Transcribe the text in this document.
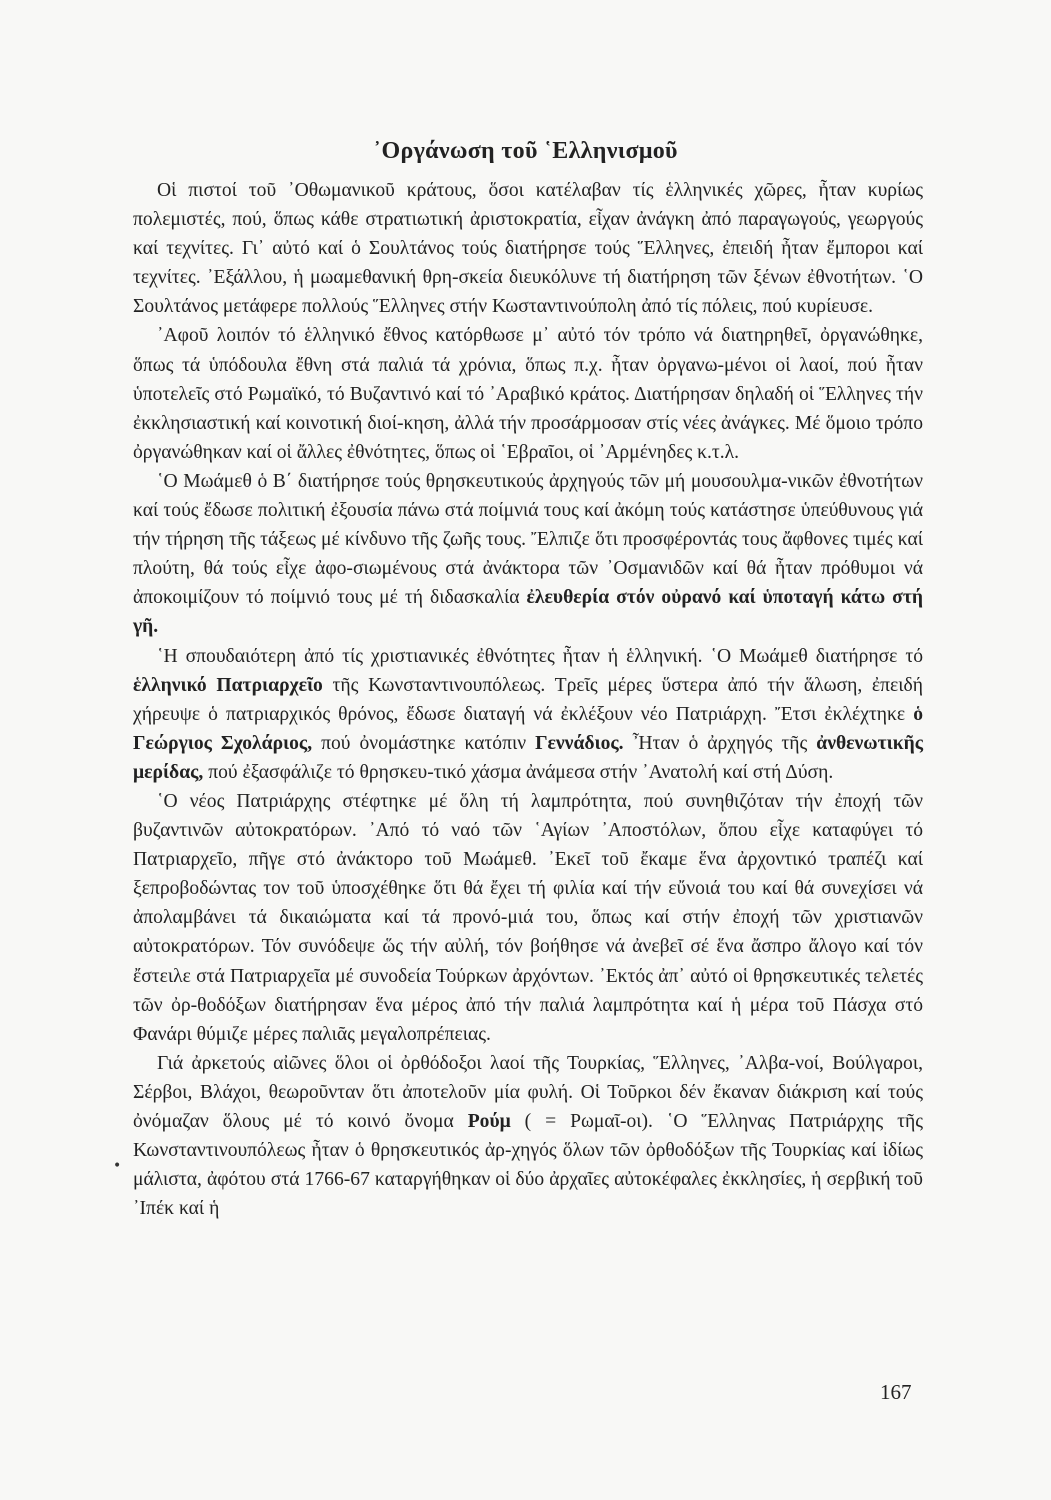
᾿Οργάνωση τοῦ ῾Ελληνισμοῦ

Οἱ πιστοί τοῦ ᾿Οθωμανικοῦ κράτους, ὅσοι κατέλαβαν τίς ἑλληνικές χῶρες, ἦταν κυρίως πολεμιστές, πού, ὅπως κάθε στρατιωτική ἀριστοκρατία, εἶχαν ἀνάγκη ἀπό παραγωγούς, γεωργούς καί τεχνίτες. Γι᾿ αὐτό καί ὁ Σουλτάνος τούς διατήρησε τούς Ἕλληνες, ἐπειδή ἦταν ἔμποροι καί τεχνίτες. ᾿Εξάλλου, ἡ μωαμεθανική θρη-σκεία διευκόλυνε τή διατήρηση τῶν ξένων ἐθνοτήτων. ῾Ο Σουλτάνος μετάφερε πολλούς Ἕλληνες στήν Κωσταντινούπολη ἀπό τίς πόλεις, πού κυρίευσε.

᾿Αφοῦ λοιπόν τό ἑλληνικό ἔθνος κατόρθωσε μ᾿ αὐτό τόν τρόπο νά διατηρηθεῖ, ὀργανώθηκε, ὅπως τά ὑπόδουλα ἔθνη στά παλιά τά χρόνια, ὅπως π.χ. ἦταν ὀργανω-μένοι οἱ λαοί, πού ἦταν ὑποτελεῖς στό Ρωμαϊκό, τό Βυζαντινό καί τό ᾿Αραβικό κράτος. Διατήρησαν δηλαδή οἱ Ἕλληνες τήν ἐκκλησιαστική καί κοινοτική διοί-κηση, ἀλλά τήν προσάρμοσαν στίς νέες ἀνάγκες. Μέ ὅμοιο τρόπο ὀργανώθηκαν καί οἱ ἄλλες ἐθνότητες, ὅπως οἱ ῾Εβραῖοι, οἱ ᾿Αρμένηδες κ.τ.λ.

῾Ο Μωάμεθ ὁ Β΄ διατήρησε τούς θρησκευτικούς ἀρχηγούς τῶν μή μουσουλμα-νικῶν ἐθνοτήτων καί τούς ἔδωσε πολιτική ἐξουσία πάνω στά ποίμνιά τους καί ἀκόμη τούς κατάστησε ὑπεύθυνους γιά τήν τήρηση τῆς τάξεως μέ κίνδυνο τῆς ζωῆς τους. Ἔλπιζε ὅτι προσφέροντάς τους ἄφθονες τιμές καί πλούτη, θά τούς εἶχε ἀφο-σιωμένους στά ἀνάκτορα τῶν ᾿Οσμανιδῶν καί θά ἦταν πρόθυμοι νά ἀποκοιμίζουν τό ποίμνιό τους μέ τή διδασκαλία ἐλευθερία στόν οὐρανό καί ὑποταγή κάτω στή γῆ.

῾Η σπουδαιότερη ἀπό τίς χριστιανικές ἐθνότητες ἦταν ἡ ἑλληνική. ῾Ο Μωάμεθ διατήρησε τό ἑλληνικό Πατριαρχεῖο τῆς Κωνσταντινουπόλεως. Τρεῖς μέρες ὕστερα ἀπό τήν ἅλωση, ἐπειδή χήρευψε ὁ πατριαρχικός θρόνος, ἔδωσε διαταγή νά ἐκλέξουν νέο Πατριάρχη. Ἔτσι ἐκλέχτηκε ὁ Γεώργιος Σχολάριος, πού ὀνομάστηκε κατόπιν Γεννάδιος. Ἦταν ὁ ἀρχηγός τῆς ἀνθενωτικῆς μερίδας, πού ἐξασφάλιζε τό θρησκευ-τικό χάσμα ἀνάμεσα στήν ᾿Ανατολή καί στή Δύση.

῾Ο νέος Πατριάρχης στέφτηκε μέ ὅλη τή λαμπρότητα, πού συνηθιζόταν τήν ἐποχή τῶν βυζαντινῶν αὐτοκρατόρων. ᾿Από τό ναό τῶν ῾Αγίων ᾿Αποστόλων, ὅπου εἶχε καταφύγει τό Πατριαρχεῖο, πῆγε στό ἀνάκτορο τοῦ Μωάμεθ. ᾿Εκεῖ τοῦ ἔκαμε ἕνα ἀρχοντικό τραπέζι καί ξεπροβοδώντας τον τοῦ ὑποσχέθηκε ὅτι θά ἔχει τή φιλία καί τήν εὔνοιά του καί θά συνεχίσει νά ἀπολαμβάνει τά δικαιώματα καί τά προνό-μιά του, ὅπως καί στήν ἐποχή τῶν χριστιανῶν αὐτοκρατόρων. Τόν συνόδεψε ὥς τήν αὐλή, τόν βοήθησε νά ἀνεβεῖ σέ ἕνα ἄσπρο ἄλογο καί τόν ἔστειλε στά Πατριαρχεῖα μέ συνοδεία Τούρκων ἀρχόντων. ᾿Εκτός ἀπ᾿ αὐτό οἱ θρησκευτικές τελετές τῶν ὀρ-θοδόξων διατήρησαν ἕνα μέρος ἀπό τήν παλιά λαμπρότητα καί ἡ μέρα τοῦ Πάσχα στό Φανάρι θύμιζε μέρες παλιᾶς μεγαλοπρέπειας.

Γιά ἀρκετούς αἰῶνες ὅλοι οἱ ὀρθόδοξοι λαοί τῆς Τουρκίας, Ἕλληνες, ᾿Αλβα-νοί, Βούλγαροι, Σέρβοι, Βλάχοι, θεωροῦνταν ὅτι ἀποτελοῦν μία φυλή. Οἱ Τοῦρκοι δέν ἔκαναν διάκριση καί τούς ὀνόμαζαν ὅλους μέ τό κοινό ὄνομα Ρούμ ( = Ρωμαῖ-οι). ῾Ο Ἕλληνας Πατριάρχης τῆς Κωνσταντινουπόλεως ἦταν ὁ θρησκευτικός ἀρ-χηγός ὅλων τῶν ὀρθοδόξων τῆς Τουρκίας καί ἰδίως μάλιστα, ἀφότου στά 1766-67 καταργήθηκαν οἱ δύο ἀρχαῖες αὐτοκέφαλες ἐκκλησίες, ἡ σερβική τοῦ ᾿Ιπέκ καί ἡ

•
167
